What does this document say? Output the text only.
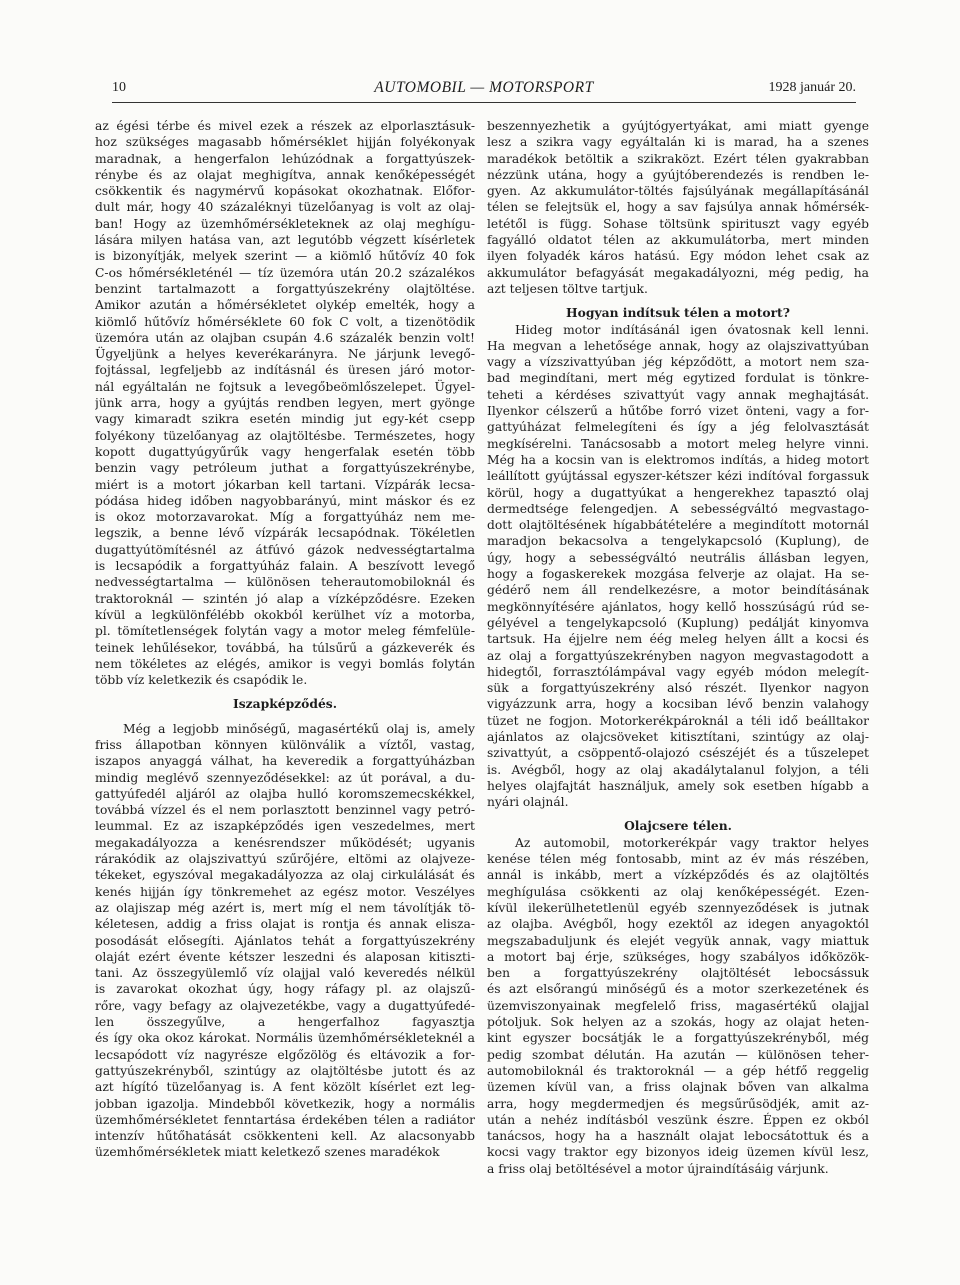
10	AUTOMOBIL — MOTORSPORT	1928 január 20.
az égési térbe és mivel ezek a részek az elporlasztásuk-
hoz szükséges magasabb hőmérséklet hijján folyékonyak
maradnak, a hengerfalon lehúzódnak a forgattyúszek-
rénybe és az olajat meghigítva, annak kenőképességét
csökkentik és nagymérvű kopásokat okozhatnak. Előfor-
dult már, hogy 40 százaléknyi tüzelőanyag is volt az olaj-
ban! Hogy az üzemhőmérsékleteknek az olaj meghígu-
lására milyen hatása van, azt legutóbb végzett kísérletek
is bizonyítják, melyek szerint — a kiömlő hűtővíz 40 fok
C-os hőmérsékleténél — tíz üzemóra után 20.2 százalékos
benzint tartalmazott a forgattyúszekrény olajtöltése.
Amikor azután a hőmérsékletet olykép emelték, hogy a
kiömlő hűtővíz hőmérséklete 60 fok C volt, a tizenötödik
üzemóra után az olajban csupán 4.6 százalék benzin volt!
Ügyeljünk a helyes keverékarányra. Ne járjunk levegő-
fojtással, legfeljebb az indításnál és üresen járó motor-
nál egyáltalán ne fojtsuk a levegőbeömlőszelepet. Ügyel-
jünk arra, hogy a gyújtás rendben legyen, mert gyönge
vagy kimaradt szikra esetén mindig jut egy-két csepp
folyékony tüzelőanyag az olajtöltésbe. Természetes, hogy
kopott dugattyúgyűrűk vagy hengerfalak esetén több
benzin vagy petróleum juthat a forgattyúszekrénybe,
miért is a motort jókarban kell tartani. Vízpárák lecsa-
pódása hideg időben nagyobbarányú, mint máskor és ez
is okoz motorzavarokat. Míg a forgattyúház nem me-
legszik, a benne lévő vízpárák lecsapódnak. Tökéletlen
dugattyútömítésnél az átfúvó gázok nedvességtartalma
is lecsapódik a forgattyúház falain. A beszívott levegő
nedvességtartalma — különösen teherautomobiloknál és
traktoroknál — szintén jó alap a vízképződésre. Ezeken
kívül a legkülönfélébb okokból kerülhet víz a motorba,
pl. tömítetlenségek folytán vagy a motor meleg fémfelüle-
teinek lehűlésekor, továbbá, ha túlsűrű a gázkeverék és
nem tökéletes az elégés, amikor is vegyi bomlás folytán
több víz keletkezik és csapódik le.
Iszapképződés.
Még a legjobb minőségű, magasértékű olaj is, amely
friss állapotban könnyen különválik a víztől, vastag,
iszapos anyaggá válhat, ha keveredik a forgattyúházban
mindig meglévő szennyeződésekkel: az út porával, a du-
gattyúfedél aljáról az olajba hulló koromszemecskékkel,
továbbá vízzel és el nem porlasztott benzinnel vagy petró-
leummal. Ez az iszapképződés igen veszedelmes, mert
megakadályozza a kenésrendszer működését; ugyanis
rárakódik az olajszivattyú szűrőjére, eltömi az olajveze-
tékeket, egyszóval megakadályozza az olaj cirkulálását és
kenés hijján így tönkremehet az egész motor. Veszélyes
az olajiszap még azért is, mert míg el nem távolítják tö-
kéletesen, addig a friss olajat is rontja és annak elisza-
posodását elősegíti. Ajánlatos tehát a forgattyúszekrény
olaját ezért évente kétszer leszedni és alaposan kitiszti-
tani. Az összegyülemlő víz olajjal való keveredés nélkül
is zavarokat okozhat úgy, hogy ráfagy pl. az olajszű-
rőre, vagy befagy az olajvezetékbe, vagy a dugattyúfedé-
len összegyűlve, a hengerfalhoz fagyasztja
és így oka okoz károkat. Normális üzemhőmérsékleteknél a
lecsapódott víz nagyrésze elgőzölög és eltávozik a for-
gattyúszekrényből, szintúgy az olajtöltésbe jutott és az
azt hígító tüzelőanyag is. A fent közölt kísérlet ezt leg-
jobban igazolja. Mindebből következik, hogy a normális
üzemhőmérsékletet fenntartása érdekében télen a radiátor
intenzív hűtőhatását csökkenteni kell. Az alacsonyabb
üzemhőmérsékletek miatt keletkező szenes maradékok
beszennyezhetik a gyújtógyertyákat, ami miatt gyenge
lesz a szikra vagy egyáltalán ki is marad, ha a szenes
maradékok betöltik a szikraközt. Ezért télen gyakrabban
nézzünk utána, hogy a gyújtóberendezés is rendben le-
gyen. Az akkumulátor-töltés fajsúlyának megállapításánál
télen se felejtsük el, hogy a sav fajsúlya annak hőmérsék-
letétől is függ. Sohase töltsünk spirituszt vagy egyéb
fagyálló oldatot télen az akkumulátorba, mert minden
ilyen folyadék káros hatású. Egy módon lehet csak az
akkumulátor befagyását megakadályozni, még pedig, ha
azt teljesen töltve tartjuk.
Hogyan indítsuk télen a motort?
Hideg motor indításánál igen óvatosnak kell lenni.
Ha megvan a lehetősége annak, hogy az olajszivattyúban
vagy a vízszivattyúban jég képződött, a motort nem sza-
bad megindítani, mert még egytized fordulat is tönkre-
teheti a kérdéses szivattyút vagy annak meghajtását.
Ilyenkor célszerű a hűtőbe forró vizet önteni, vagy a for-
gattyúházat felmelegíteni és így a jég felolvasztását
megkísérelni. Tanácsosabb a motort meleg helyre vinni.
Még ha a kocsin van is elektromos indítás, a hideg motort
leállított gyújtással egyszer-kétszer kézi indítóval forgassuk
körül, hogy a dugattyúkat a hengerekhez tapasztó olaj
dermedtsége felengedjen. A sebességváltó megvastago-
dott olajtöltésének hígabbátételére a megindított motornál
maradjon bekacsolva a tengelykapcsoló (Kuplung), de
úgy, hogy a sebességváltó neutrális állásban legyen,
hogy a fogaskerekek mozgása felverje az olajat. Ha se-
gédérő nem áll rendelkezésre, a motor beindításának
megkönnyítésére ajánlatos, hogy kellő hosszúságú rúd se-
gélyével a tengelykapcsoló (Kuplung) pedálját kinyomva
tartsuk. Ha éjjelre nem éég meleg helyen állt a kocsi és
az olaj a forgattyúszekrényben nagyon megvastagodott a
hidegtől, forrasztólámpával vagy egyéb módon melegít-
sük a forgattyúszekrény alsó részét. Ilyenkor nagyon
vigyázzunk arra, hogy a kocsiban lévő benzin valahogy
tüzet ne fogjon. Motorkerékpároknál a téli idő beálltakor
ajánlatos az olajcsöveket kitisztítani, szintúgy az olaj-
szivattyút, a csöppentő-olajozó csészéjét és a tűszelepet
is. Avégből, hogy az olaj akadálytalanul folyjon, a téli
helyes olajfajtát használjuk, amely sok esetben hígabb a
nyári olajnál.
Olajcsere télen.
Az automobil, motorkerékpár vagy traktor helyes
kenése télen még fontosabb, mint az év más részében,
annál is inkább, mert a vízképződés és az olajtöltés
meghígulása csökkenti az olaj kenőképességét. Ezen-
kívül ilekerülhetetlenül egyéb szennyeződések is jutnak
az olajba. Avégből, hogy ezektől az idegen anyagoktól
megszabaduljunk és elejét vegyük annak, vagy miattuk
a motort baj érje, szükséges, hogy szabályos időközök-
ben a forgattyúszekrény olajtöltését lebocsássuk
és azt elsőrangú minőségű és a motor szerkezetének és
üzemviszonyainak megfelelő friss, magasértékű olajjal
pótoljuk. Sok helyen az a szokás, hogy az olajat heten-
kint egyszer bocsátják le a forgattyúszekrényből, még
pedig szombat délután. Ha azután — különösen teher-
automobiloknál és traktoroknál — a gép hétfő reggelig
üzemen kívül van, a friss olajnak bőven van alkalma
arra, hogy megdermedjen és megsűrűsödjék, amit az-
után a nehéz indításból veszünk észre. Éppen ez okból
tanácsos, hogy ha a használt olajat lebocsátottuk és a
kocsi vagy traktor egy bizonyos ideig üzemen kívül lesz,
a friss olaj betöltésével a motor újraindításáig várjunk.
